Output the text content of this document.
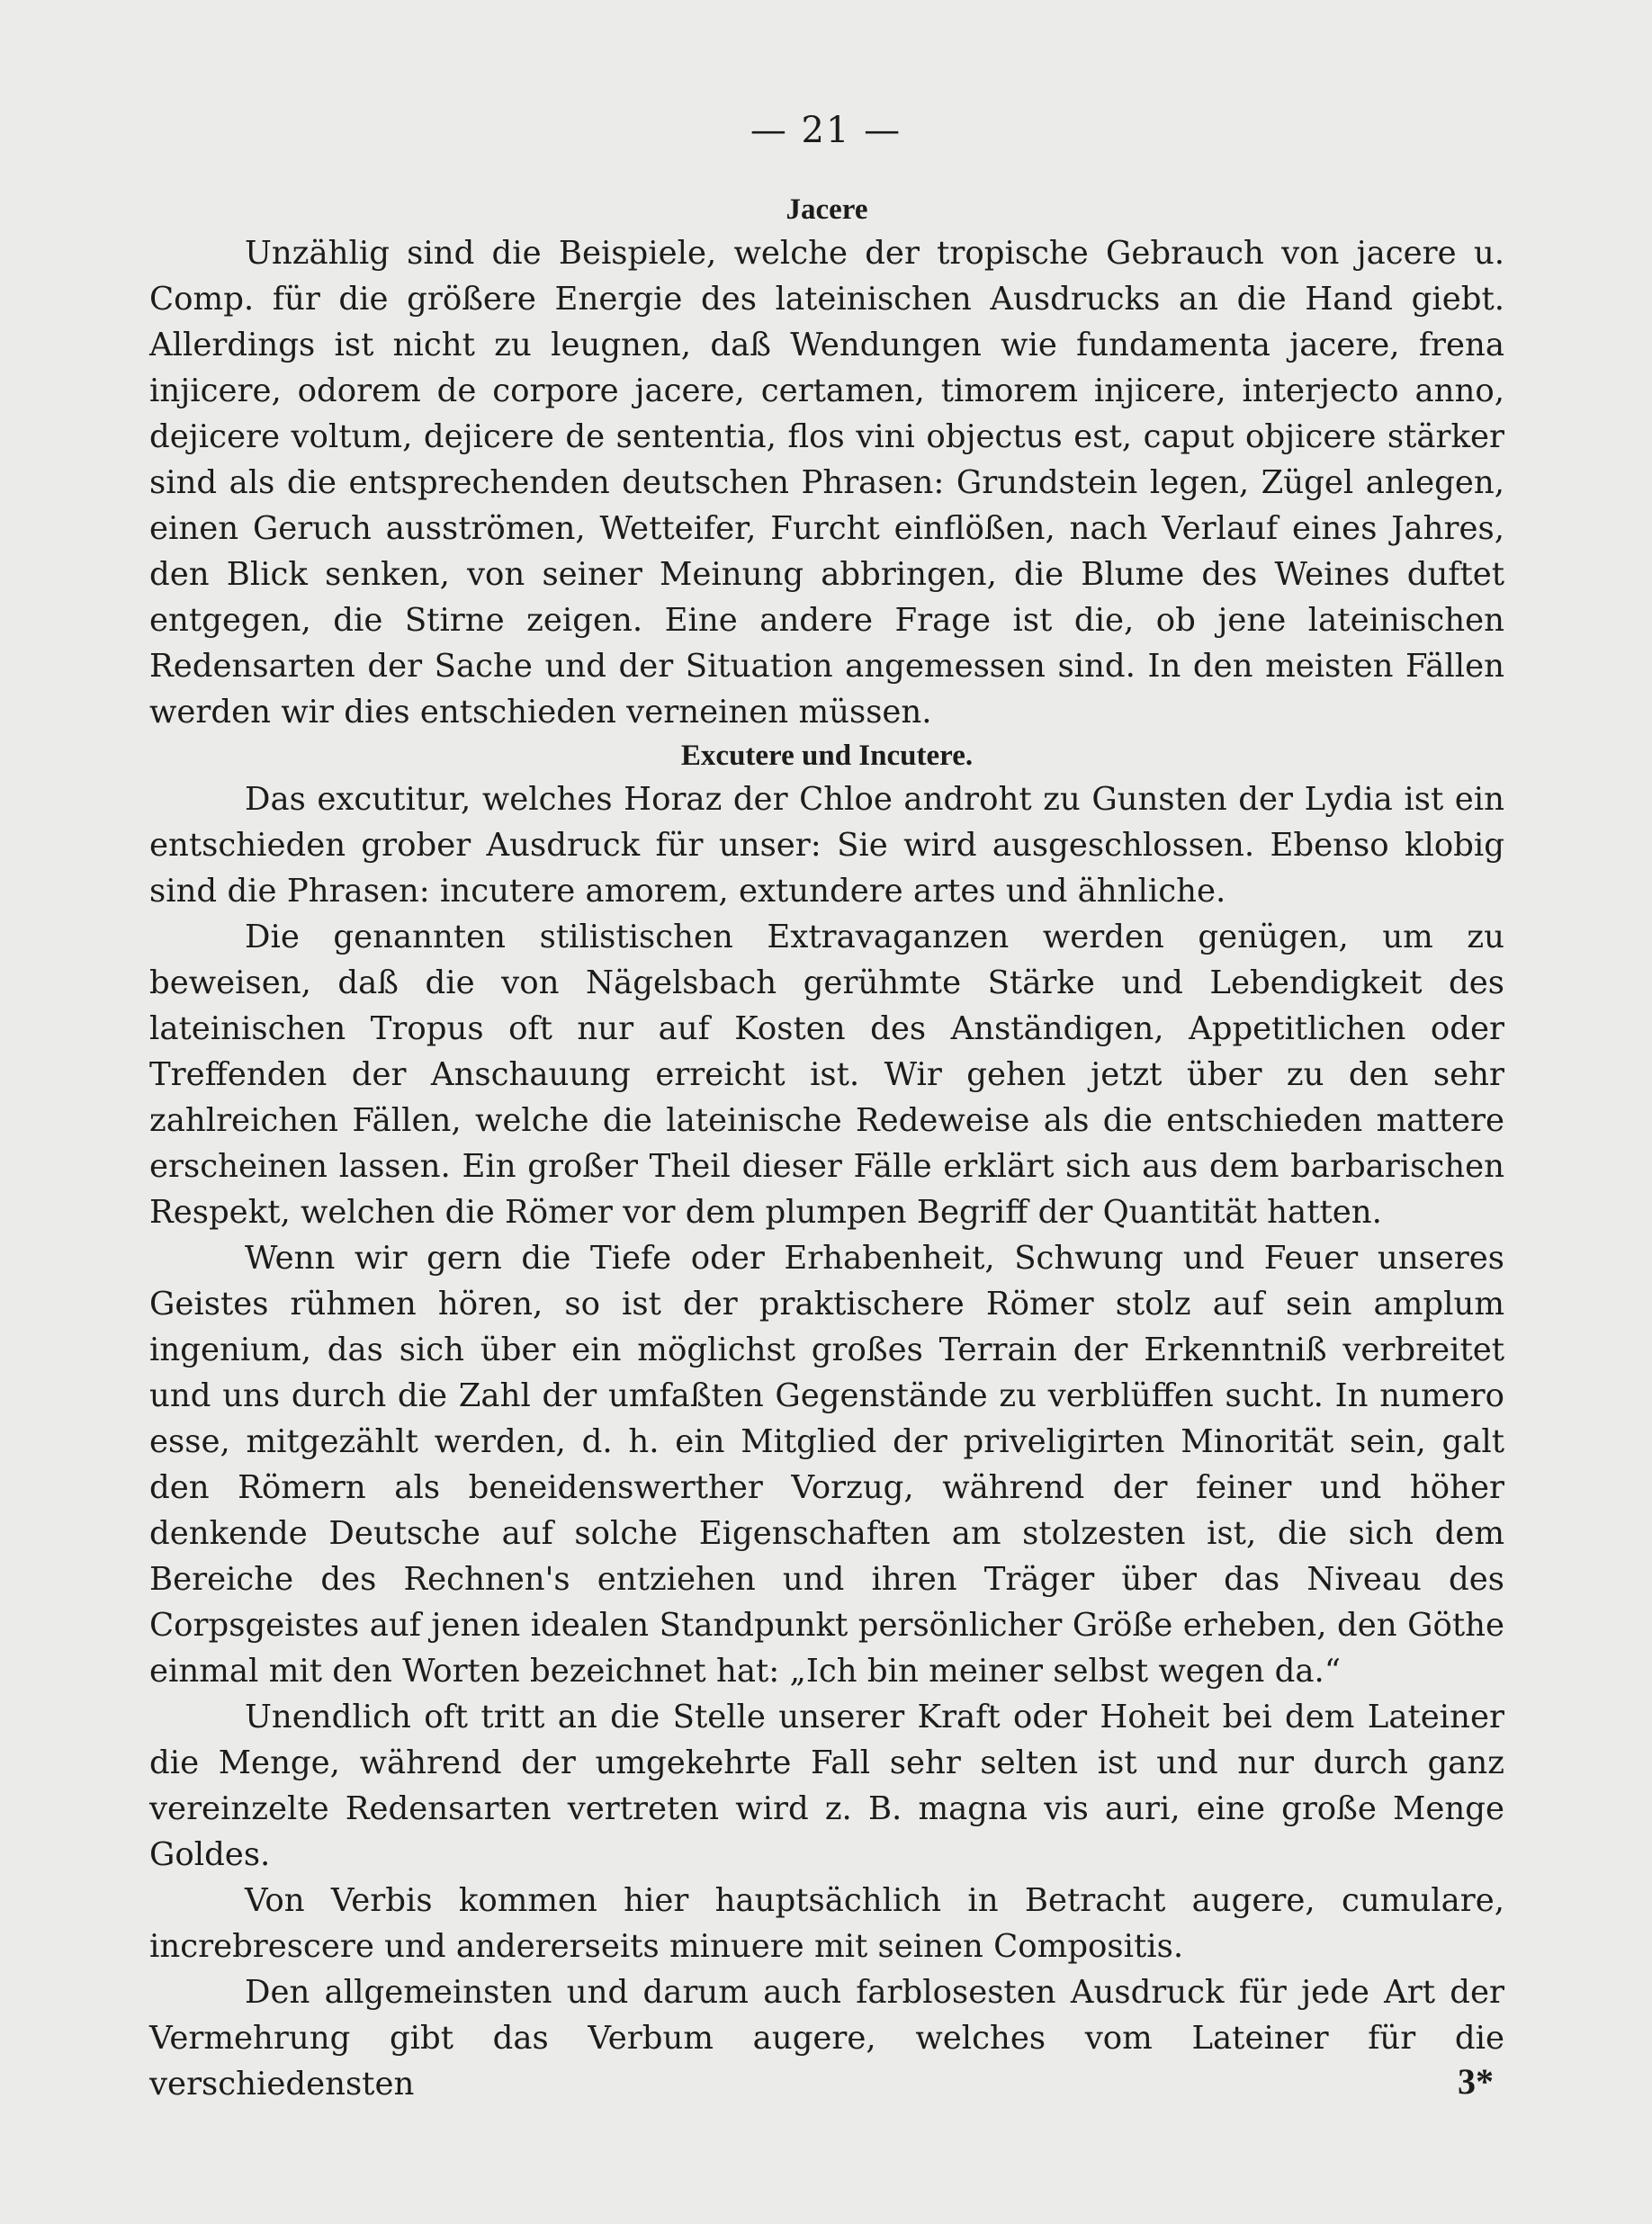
— 21 —
Jacere

Unzählig sind die Beispiele, welche der tropische Gebrauch von jacere u. Comp. für die größere Energie des lateinischen Ausdrucks an die Hand giebt. Allerdings ist nicht zu leugnen, daß Wendungen wie fundamenta jacere, frena injicere, odorem de corpore jacere, certamen, timorem injicere, interjecto anno, dejicere voltum, dejicere de sententia, flos vini objectus est, caput objicere stärker sind als die entsprechenden deutschen Phrasen: Grundstein legen, Zügel anlegen, einen Geruch ausströmen, Wetteifer, Furcht einflößen, nach Verlauf eines Jahres, den Blick senken, von seiner Meinung abbringen, die Blume des Weines duftet entgegen, die Stirne zeigen. Eine andere Frage ist die, ob jene lateinischen Redensarten der Sache und der Situation angemessen sind. In den meisten Fällen werden wir dies entschieden verneinen müssen.

Excutere und Incutere.

Das excutitur, welches Horaz der Chloe androht zu Gunsten der Lydia ist ein entschieden grober Ausdruck für unser: Sie wird ausgeschlossen. Ebenso klobig sind die Phrasen: incutere amorem, extundere artes und ähnliche.

Die genannten stilistischen Extravaganzen werden genügen, um zu beweisen, daß die von Nägelsbach gerühmte Stärke und Lebendigkeit des lateinischen Tropus oft nur auf Kosten des Anständigen, Appetitlichen oder Treffenden der Anschauung erreicht ist. Wir gehen jetzt über zu den sehr zahlreichen Fällen, welche die lateinische Redeweise als die entschieden mattere erscheinen lassen. Ein großer Theil dieser Fälle erklärt sich aus dem barbarischen Respekt, welchen die Römer vor dem plumpen Begriff der Quantität hatten.

Wenn wir gern die Tiefe oder Erhabenheit, Schwung und Feuer unseres Geistes rühmen hören, so ist der praktischere Römer stolz auf sein amplum ingenium, das sich über ein möglichst großes Terrain der Erkenntniß verbreitet und uns durch die Zahl der umfaßten Gegenstände zu verblüffen sucht. In numero esse, mitgezählt werden, d. h. ein Mitglied der priveligirten Minorität sein, galt den Römern als beneidenswerther Vorzug, während der feiner und höher denkende Deutsche auf solche Eigenschaften am stolzesten ist, die sich dem Bereiche des Rechnen's entziehen und ihren Träger über das Niveau des Corpsgeistes auf jenen idealen Standpunkt persönlicher Größe erheben, den Göthe einmal mit den Worten bezeichnet hat: „Ich bin meiner selbst wegen da.“

Unendlich oft tritt an die Stelle unserer Kraft oder Hoheit bei dem Lateiner die Menge, während der umgekehrte Fall sehr selten ist und nur durch ganz vereinzelte Redensarten vertreten wird z. B. magna vis auri, eine große Menge Goldes.

Von Verbis kommen hier hauptsächlich in Betracht augere, cumulare, increbrescere und andererseits minuere mit seinen Compositis.

Den allgemeinsten und darum auch farblosesten Ausdruck für jede Art der Vermehrung gibt das Verbum augere, welches vom Lateiner für die verschiedensten	3*
